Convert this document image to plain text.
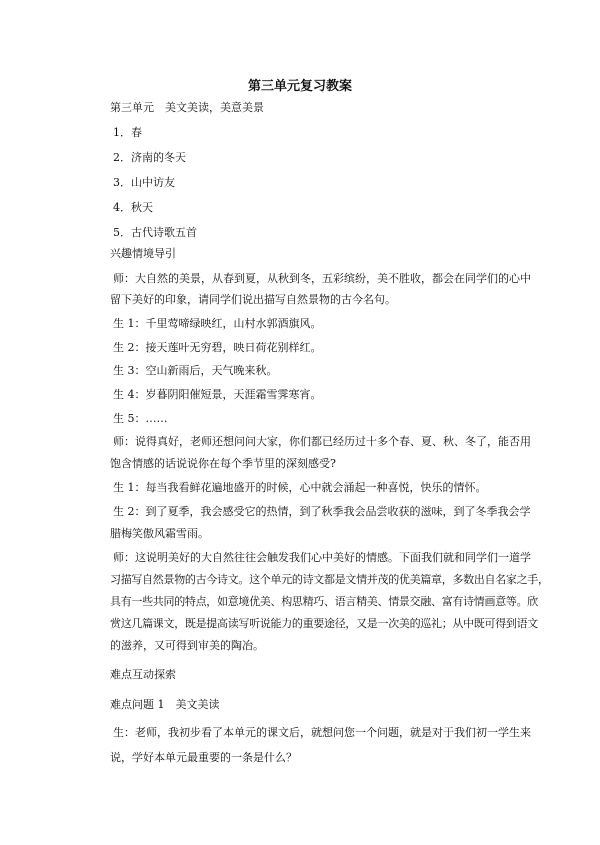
第三单元复习教案
第三单元　美文美读，美意美景
1．春
2．济南的冬天
3．山中访友
4．秋天
5．古代诗歌五首
兴趣情境导引
师：大自然的美景，从春到夏，从秋到冬，五彩缤纷，美不胜收，都会在同学们的心中
留下美好的印象，请同学们说出描写自然景物的古今名句。
生 1：千里莺啼绿映红，山村水郭酒旗风。
生 2：接天莲叶无穷碧，映日荷花别样红。
生 3：空山新雨后，天气晚来秋。
生 4：岁暮阴阳催短景，天涯霜雪霁寒宵。
生 5：……
师：说得真好，老师还想问问大家，你们都已经历过十多个春、夏、秋、冬了，能否用
饱含情感的话说说你在每个季节里的深刻感受?
生 1：每当我看鲜花遍地盛开的时候，心中就会涌起一种喜悦，快乐的情怀。
生 2：到了夏季，我会感受它的热情，到了秋季我会品尝收获的滋味，到了冬季我会学
腊梅笑傲风霜雪雨。
师：这说明美好的大自然往往会触发我们心中美好的情感。下面我们就和同学们一道学
习描写自然景物的古今诗文。这个单元的诗文都是文情并茂的优美篇章，多数出自名家之手，
具有一些共同的特点，如意境优美、构思精巧、语言精美、情景交融、富有诗情画意等。欣
赏这几篇课文，既是提高读写听说能力的重要途径，又是一次美的巡礼；从中既可得到语文
的滋养，又可得到审美的陶冶。
难点互动探索
难点问题 1　美文美读
生：老师，我初步看了本单元的课文后，就想问您一个问题，就是对于我们初一学生来
说，学好本单元最重要的一条是什么？
